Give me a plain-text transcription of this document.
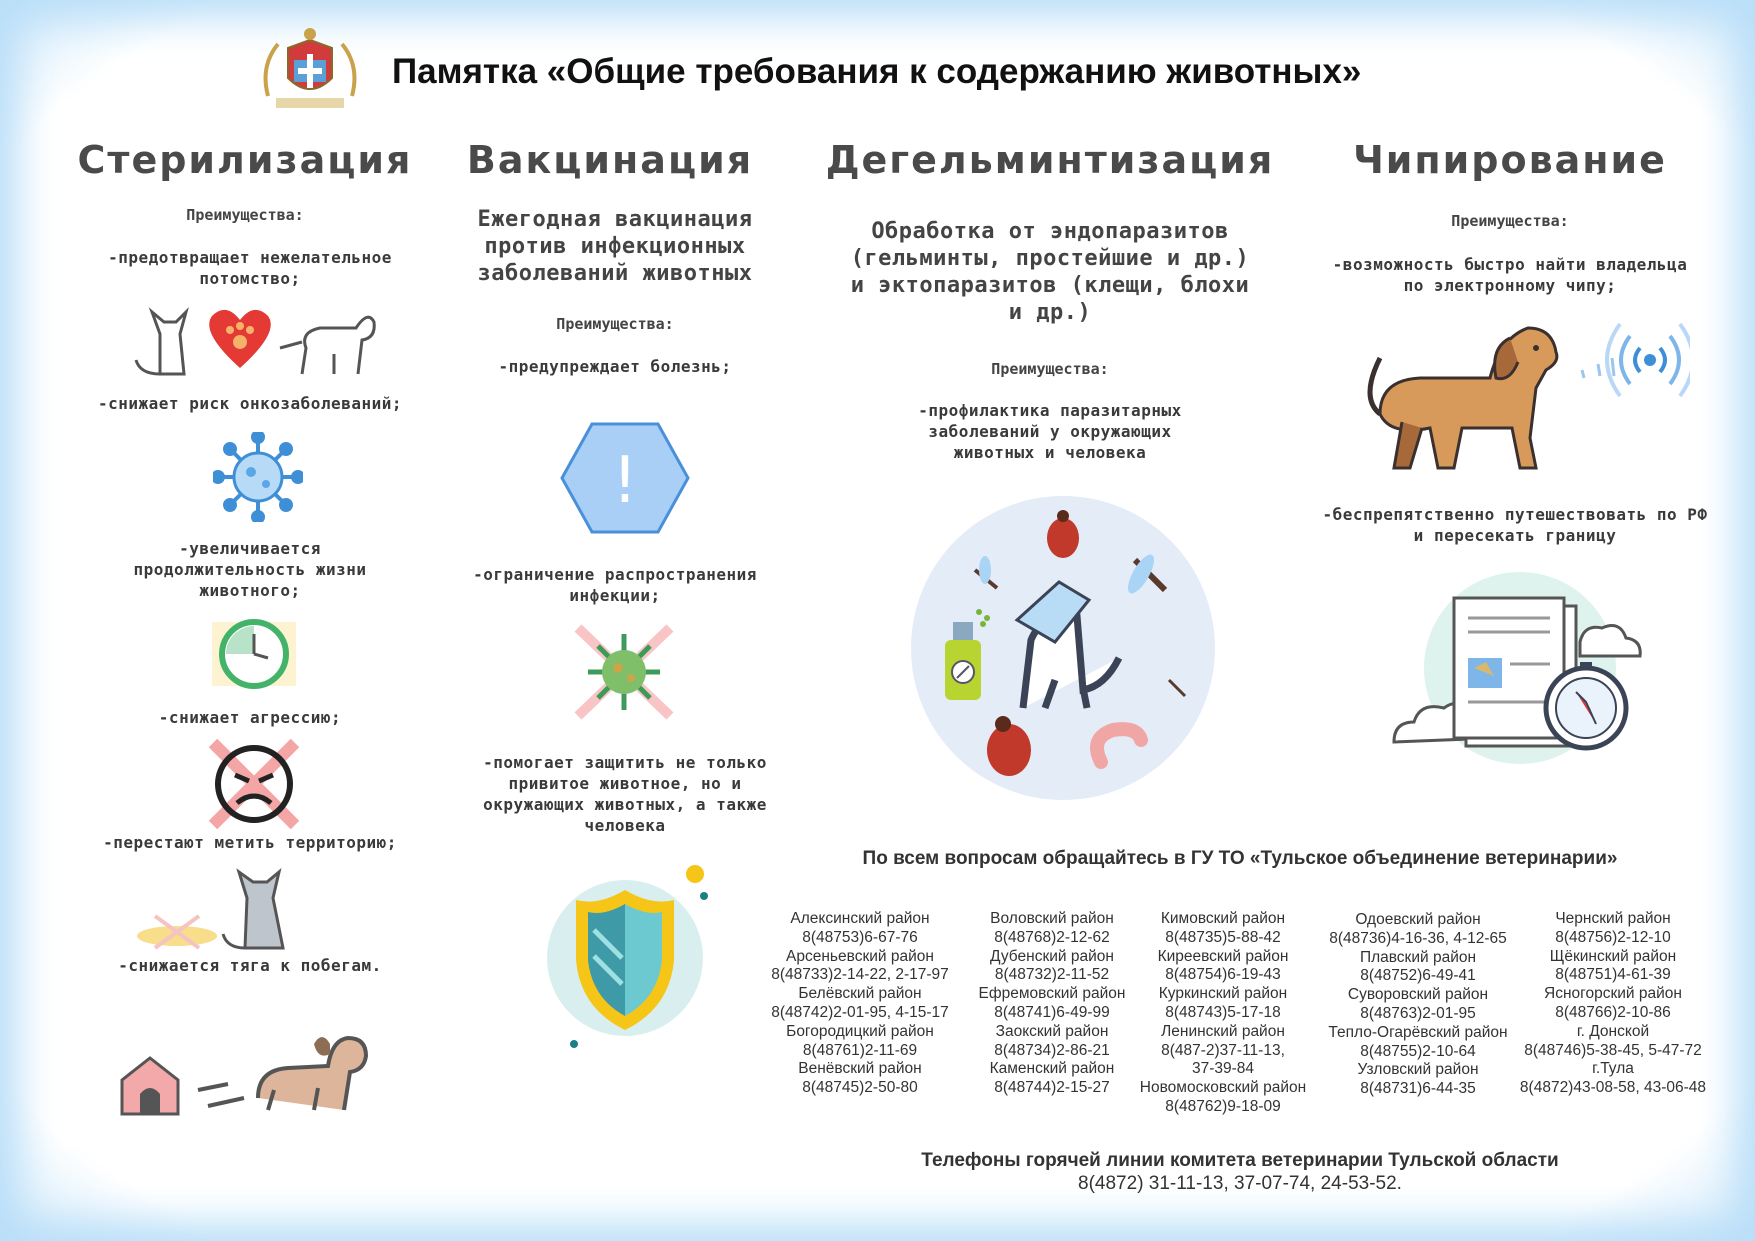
Памятка «Общие требования к содержанию животных»
Стерилизация
Преимущества:
-предотвращает нежелательное потомство;
-снижает риск онкозаболеваний;
-увеличивается продолжительность жизни животного;
-снижает агрессию;
-перестают метить территорию;
-снижается тяга к побегам.
Вакцинация
Ежегодная вакцинация против инфекционных заболеваний животных
Преимущества:
-предупреждает болезнь;
!
-ограничение распространения инфекции;
-помогает защитить не только привитое животное, но и окружающих животных, а также человека
Дегельминтизация
Обработка от эндопаразитов (гельминты, простейшие и др.) и эктопаразитов (клещи, блохи и др.)
Преимущества:
-профилактика паразитарных заболеваний у окружающих животных и человека
Чипирование
Преимущества:
-возможность быстро найти владельца по электронному чипу;
-беспрепятственно путешествовать по РФ и пересекать границу
По всем вопросам обращайтесь в ГУ ТО «Тульское объединение ветеринарии»
Алексинский район
8(48753)6-67-76
Арсеньевский район
8(48733)2-14-22, 2-17-97
Белёвский район
8(48742)2-01-95, 4-15-17
Богородицкий район
8(48761)2-11-69
Венёвский район
8(48745)2-50-80
Воловский район
8(48768)2-12-62
Дубенский район
8(48732)2-11-52
Ефремовский район
8(48741)6-49-99
Заокский район
8(48734)2-86-21
Каменский район
8(48744)2-15-27
Кимовский район
8(48735)5-88-42
Киреевский район
8(48754)6-19-43
Куркинский район
8(48743)5-17-18
Ленинский район
8(487-2)37-11-13,
37-39-84
Новомосковский район
8(48762)9-18-09
Одоевский район
8(48736)4-16-36, 4-12-65
Плавский район
8(48752)6-49-41
Суворовский район
8(48763)2-01-95
Тепло-Огарёвский район
8(48755)2-10-64
Узловский район
8(48731)6-44-35
Чернский район
8(48756)2-12-10
Щёкинский район
8(48751)4-61-39
Ясногорский район
8(48766)2-10-86
г. Донской
8(48746)5-38-45, 5-47-72
г.Тула
8(4872)43-08-58, 43-06-48
Телефоны горячей линии комитета ветеринарии Тульской области
8(4872) 31-11-13, 37-07-74, 24-53-52.
